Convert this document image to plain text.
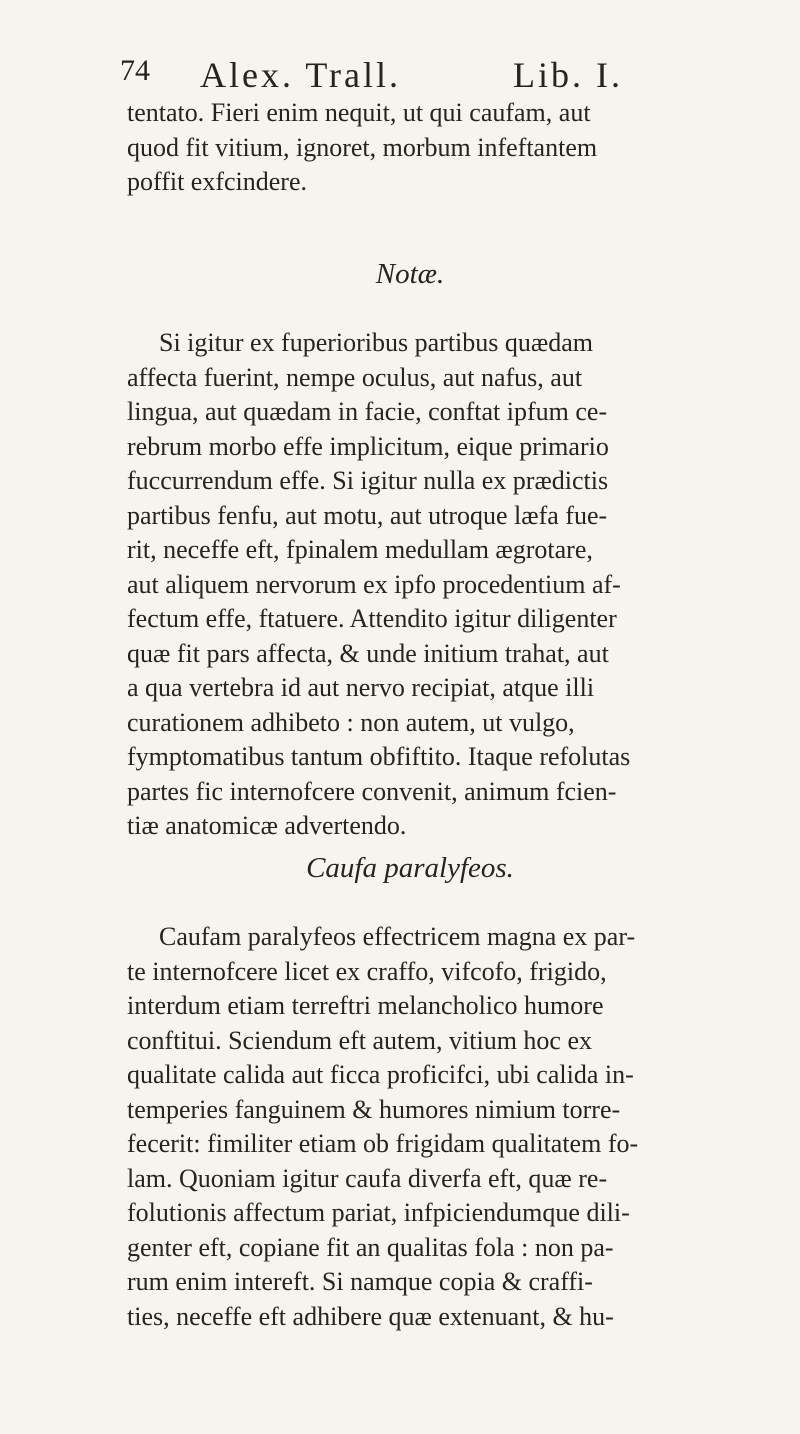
74 Alex. Trall.	Lib. I.
tentato. Fieri enim nequit, ut qui caufam, aut
quod fit vitium, ignoret, morbum infeftantem
poffit exfcindere.
Notæ.
Si igitur ex fuperioribus partibus quædam
affecta fuerint, nempe oculus, aut nafus, aut
lingua, aut quædam in facie, conftat ipfum ce-
rebrum morbo effe implicitum, eique primario
fuccurrendum effe. Si igitur nulla ex prædictis
partibus fenfu, aut motu, aut utroque læfa fue-
rit, neceffe eft, fpinalem medullam ægrotare,
aut aliquem nervorum ex ipfo procedentium af-
fectum effe, ftatuere. Attendito igitur diligenter
quæ fit pars affecta, & unde initium trahat, aut
a qua vertebra id aut nervo recipiat, atque illi
curationem adhibeto : non autem, ut vulgo,
fymptomatibus tantum obfiftito. Itaque refolutas
partes fic internofcere convenit, animum fcien-
tiæ anatomicæ advertendo.
Caufa paralyfeos.
Caufam paralyfeos effectricem magna ex par-
te internofcere licet ex craffo, vifcofo, frigido,
interdum etiam terreftri melancholico humore
conftitui. Sciendum eft autem, vitium hoc ex
qualitate calida aut ficca proficifci, ubi calida in-
temperies fanguinem & humores nimium torre-
fecerit: fimiliter etiam ob frigidam qualitatem fo-
lam. Quoniam igitur caufa diverfa eft, quæ re-
folutionis affectum pariat, infpiciendumque dili-
genter eft, copiane fit an qualitas fola : non pa-
rum enim intereft. Si namque copia & craffi-
ties, neceffe eft adhibere quæ extenuant, & hu-
